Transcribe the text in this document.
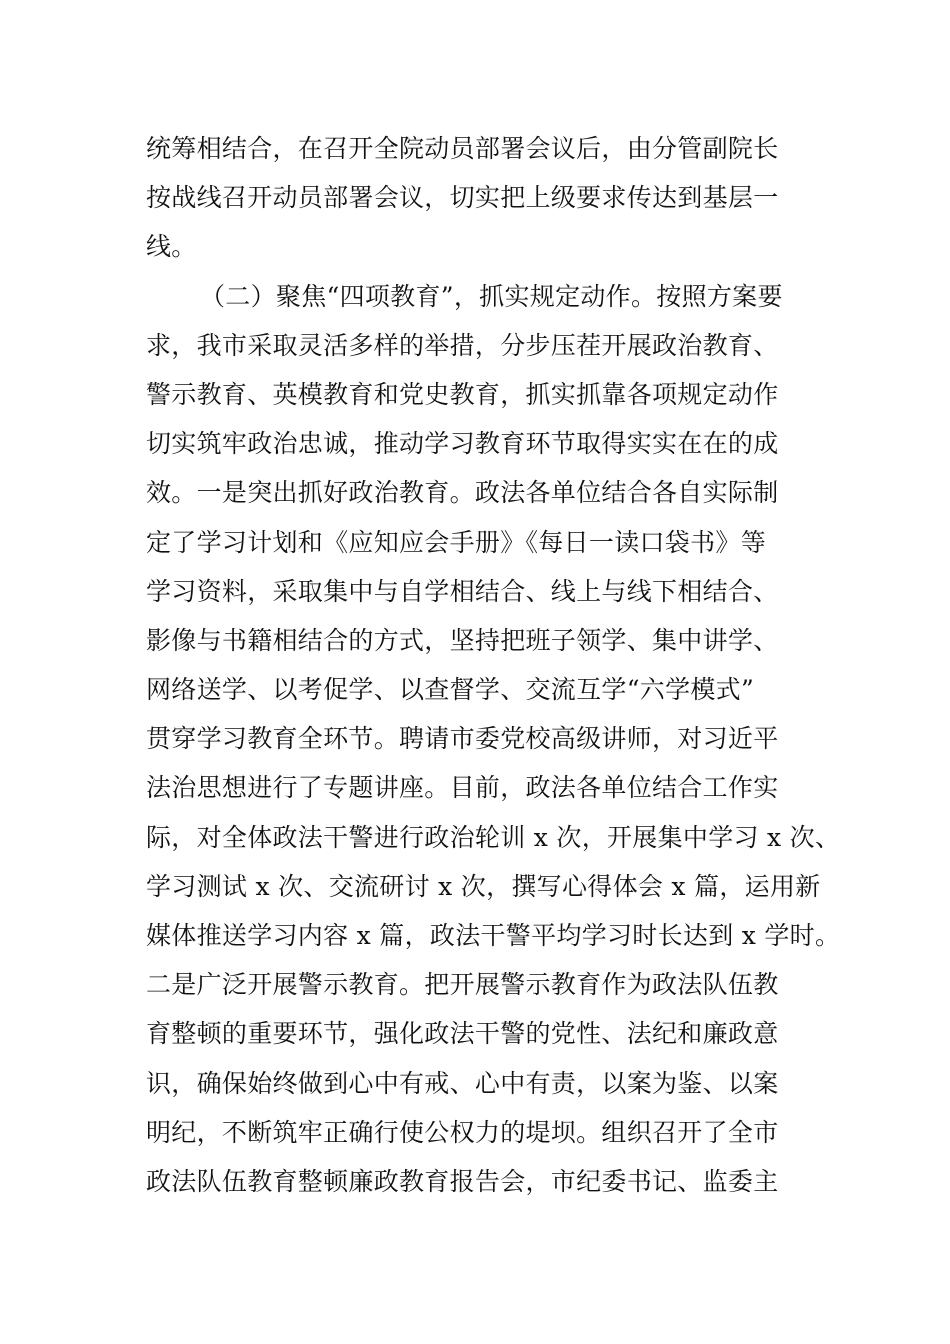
统筹相结合，在召开全院动员部署会议后，由分管副院长
按战线召开动员部署会议，切实把上级要求传达到基层一
线。
（二）聚焦“四项教育”，抓实规定动作。按照方案要
求，我市采取灵活多样的举措，分步压茬开展政治教育、
警示教育、英模教育和党史教育，抓实抓靠各项规定动作
切实筑牢政治忠诚，推动学习教育环节取得实实在在的成
效。一是突出抓好政治教育。政法各单位结合各自实际制
定了学习计划和《应知应会手册》《每日一读口袋书》等
学习资料，采取集中与自学相结合、线上与线下相结合、
影像与书籍相结合的方式，坚持把班子领学、集中讲学、
网络送学、以考促学、以查督学、交流互学“六学模式”
贯穿学习教育全环节。聘请市委党校高级讲师，对习近平
法治思想进行了专题讲座。目前，政法各单位结合工作实
际，对全体政法干警进行政治轮训 x 次，开展集中学习 x 次、
学习测试 x 次、交流研讨 x 次，撰写心得体会 x 篇，运用新
媒体推送学习内容 x 篇，政法干警平均学习时长达到 x 学时。
二是广泛开展警示教育。把开展警示教育作为政法队伍教
育整顿的重要环节，强化政法干警的党性、法纪和廉政意
识，确保始终做到心中有戒、心中有责，以案为鉴、以案
明纪，不断筑牢正确行使公权力的堤坝。组织召开了全市
政法队伍教育整顿廉政教育报告会，市纪委书记、监委主
